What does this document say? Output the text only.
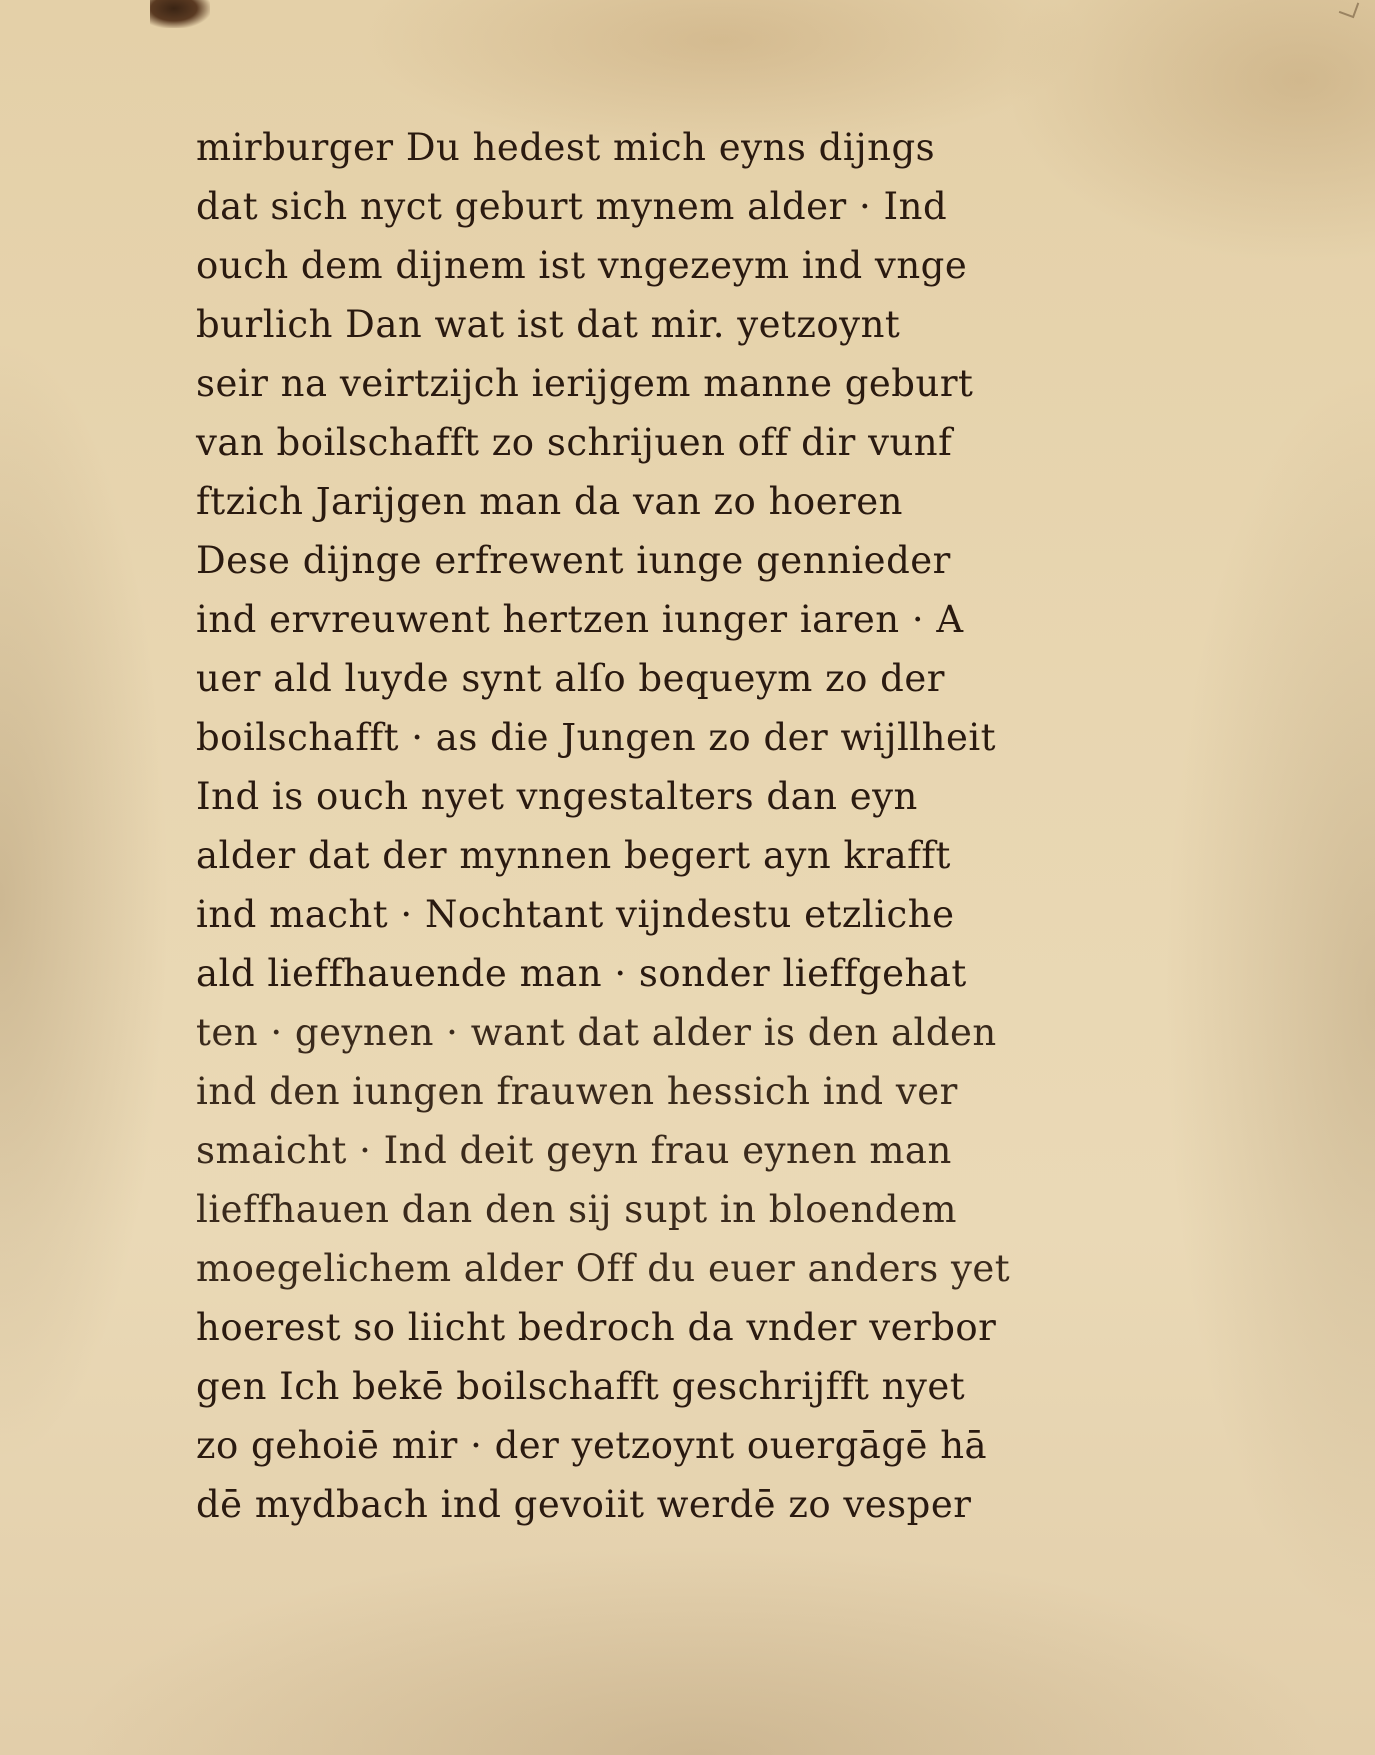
mirburger Du hedest mich eyns dijngs
dat sich nyct geburt mynem alder · Ind
ouch dem dijnem ist vngezeym ind vnge
burlich Dan wat ist dat mir. yetzoynt
seir na veirtzijch ierijgem manne geburt
van boilschafft zo schrijuen off dir vunf
ftzich Jarijgen man da van zo hoeren
Dese dijnge erfrewent iunge gennieder
ind ervreuwent hertzen iunger iaren · A
uer ald luyde synt alſo bequeym zo der
boilschafft · as die Jungen zo der wijllheit
Ind is ouch nyet vngestalters dan eyn
alder dat der mynnen begert ayn krafft
ind macht · Nochtant vijndestu etzliche
ald lieffhauende man · sonder lieffgehat
ten · geynen · want dat alder is den alden
ind den iungen frauwen hessich ind ver
smaicht · Ind deit geyn frau eynen man
lieffhauen dan den sij supt in bloendem
moegelichem alder Off du euer anders yet
hoerest so liicht bedroch da vnder verbor
gen Ich bekē boilschafft geschrijfft nyet
zo gehoiē mir · der yetzoynt ouergāgē hā
dē mydbach ind gevoiit werdē zo vesper
